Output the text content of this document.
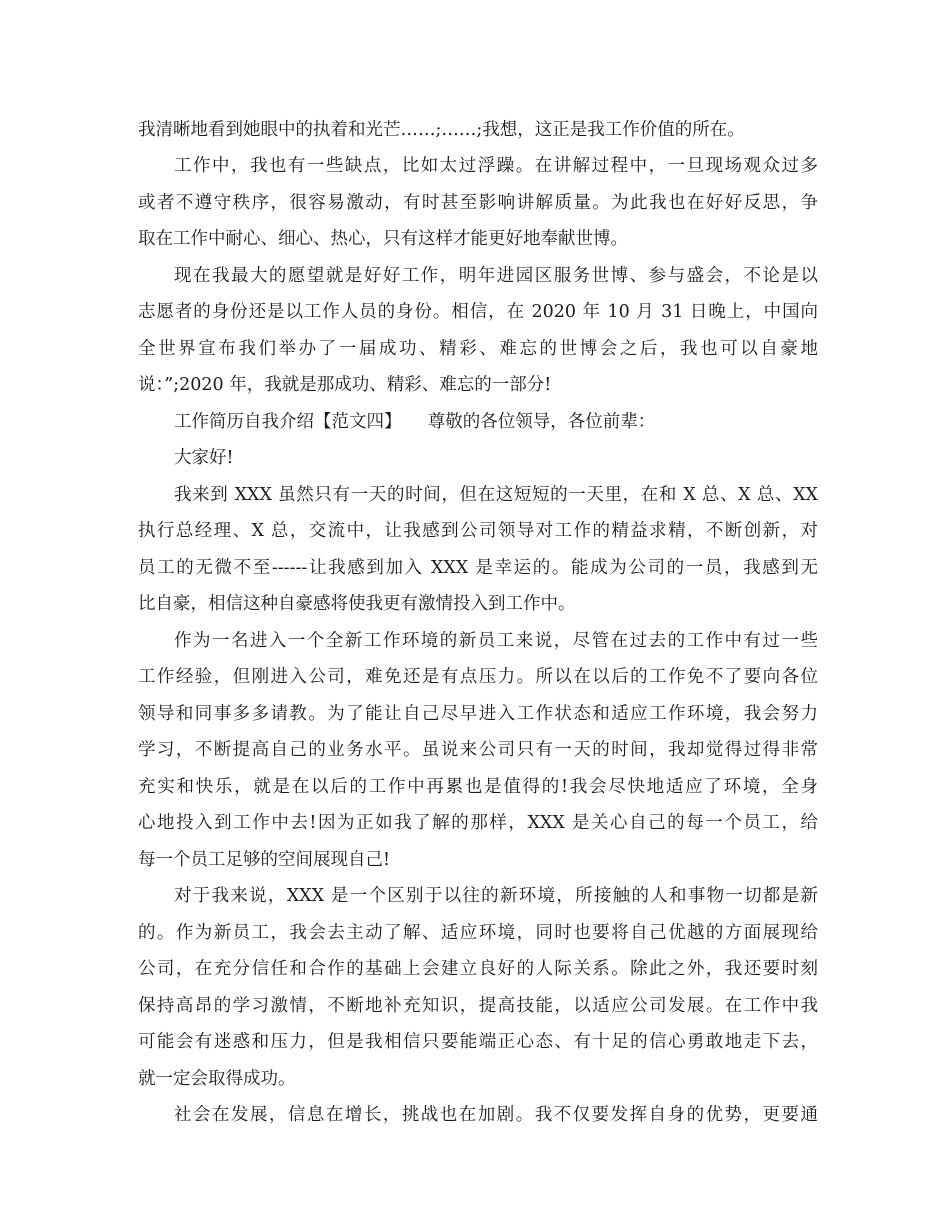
我清晰地看到她眼中的执着和光芒……;……;我想，这正是我工作价值的所在。
工作中，我也有一些缺点，比如太过浮躁。在讲解过程中，一旦现场观众过多
或者不遵守秩序，很容易激动，有时甚至影响讲解质量。为此我也在好好反思，争
取在工作中耐心、细心、热心，只有这样才能更好地奉献世博。
现在我最大的愿望就是好好工作，明年进园区服务世博、参与盛会，不论是以
志愿者的身份还是以工作人员的身份。相信，在 2020 年 10 月 31 日晚上，中国向
全世界宣布我们举办了一届成功、精彩、难忘的世博会之后，我也可以自豪地
说：”;2020 年，我就是那成功、精彩、难忘的一部分!
工作简历自我介绍【范文四】　　尊敬的各位领导，各位前辈：
大家好!
我来到 XXX 虽然只有一天的时间，但在这短短的一天里，在和 X 总、X 总、XX
执行总经理、X 总，交流中，让我感到公司领导对工作的精益求精，不断创新，对
员工的无微不至------让我感到加入 XXX 是幸运的。能成为公司的一员，我感到无
比自豪，相信这种自豪感将使我更有激情投入到工作中。
作为一名进入一个全新工作环境的新员工来说，尽管在过去的工作中有过一些
工作经验，但刚进入公司，难免还是有点压力。所以在以后的工作免不了要向各位
领导和同事多多请教。为了能让自己尽早进入工作状态和适应工作环境，我会努力
学习，不断提高自己的业务水平。虽说来公司只有一天的时间，我却觉得过得非常
充实和快乐，就是在以后的工作中再累也是值得的!我会尽快地适应了环境，全身
心地投入到工作中去!因为正如我了解的那样，XXX 是关心自己的每一个员工，给
每一个员工足够的空间展现自己!
对于我来说，XXX 是一个区别于以往的新环境，所接触的人和事物一切都是新
的。作为新员工，我会去主动了解、适应环境，同时也要将自己优越的方面展现给
公司，在充分信任和合作的基础上会建立良好的人际关系。除此之外，我还要时刻
保持高昂的学习激情，不断地补充知识，提高技能，以适应公司发展。在工作中我
可能会有迷惑和压力，但是我相信只要能端正心态、有十足的信心勇敢地走下去，
就一定会取得成功。
社会在发展，信息在增长，挑战也在加剧。我不仅要发挥自身的优势，更要通
